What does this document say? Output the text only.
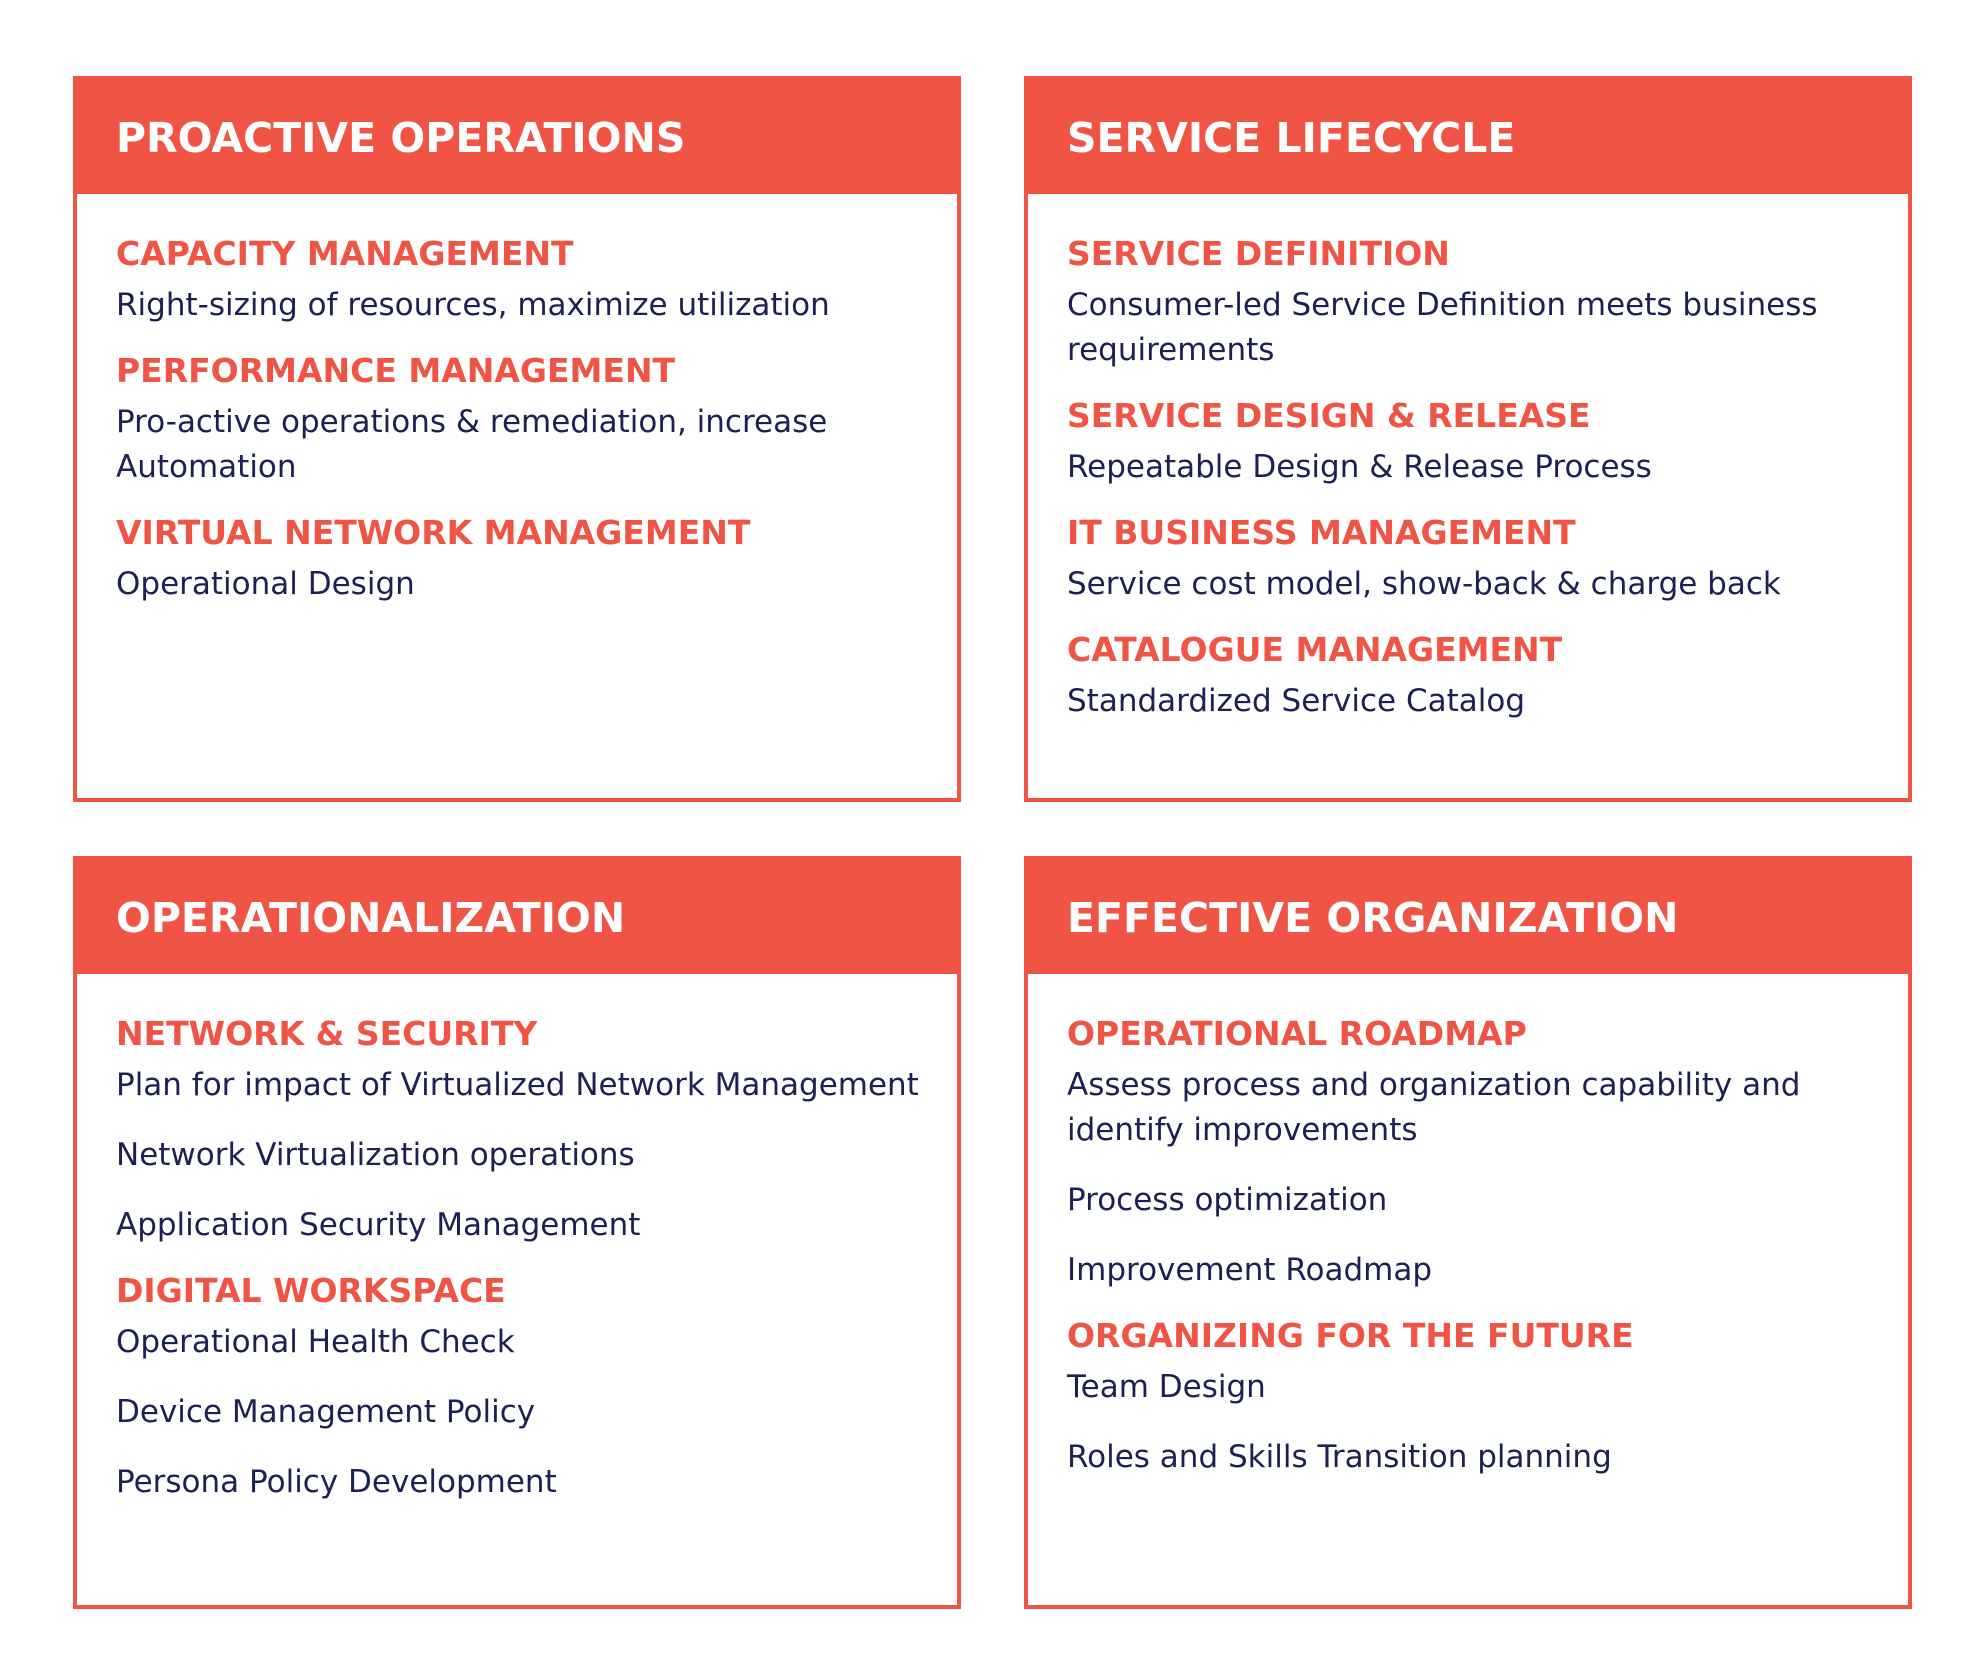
PROACTIVE OPERATIONS
CAPACITY MANAGEMENT
Right-sizing of resources, maximize utilization
PERFORMANCE MANAGEMENT
Pro-active operations & remediation, increase Automation
VIRTUAL NETWORK MANAGEMENT
Operational Design
SERVICE LIFECYCLE
SERVICE DEFINITION
Consumer-led Service Definition meets business requirements
SERVICE DESIGN & RELEASE
Repeatable Design & Release Process
IT BUSINESS MANAGEMENT
Service cost model, show-back & charge back
CATALOGUE MANAGEMENT
Standardized Service Catalog
OPERATIONALIZATION
NETWORK & SECURITY
Plan for impact of Virtualized Network Management
Network Virtualization operations
Application Security Management
DIGITAL WORKSPACE
Operational Health Check
Device Management Policy
Persona Policy Development
EFFECTIVE ORGANIZATION
OPERATIONAL ROADMAP
Assess process and organization capability and identify improvements
Process optimization
Improvement Roadmap
ORGANIZING FOR THE FUTURE
Team Design
Roles and Skills Transition planning
